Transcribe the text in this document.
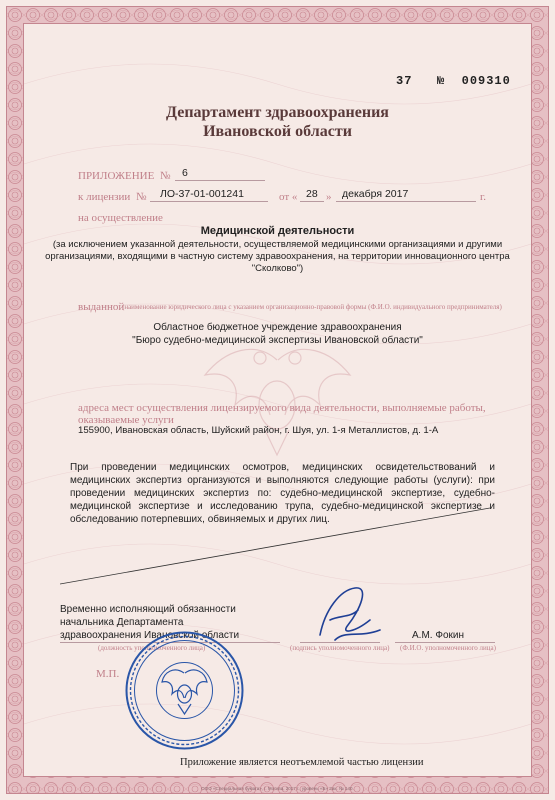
37 № 009310
Департамент здравоохранения
Ивановской области
ПРИЛОЖЕНИЕ № 6
к лицензии № ЛО-37-01-001241	от « 28 » декабря 2017	г.
на осуществление
Медицинской деятельности
(за исключением указанной деятельности, осуществляемой медицинскими организациями и другими организациями, входящими в частную систему здравоохранения, на территории инновационного центра "Сколково")
выданной
(наименование юридического лица с указанием организационно-правовой формы (Ф.И.О. индивидуального предпринимателя)
Областное бюджетное учреждение здравоохранения
"Бюро судебно-медицинской экспертизы Ивановской области"
адреса мест осуществления лицензируемого вида деятельности, выполняемые работы, оказываемые услуги
155900, Ивановская область, Шуйский район, г. Шуя, ул. 1-я Металлистов, д. 1-А
При проведении медицинских осмотров, медицинских освидетельствований и медицинских экспертиз организуются и выполняются следующие работы (услуги): при проведении медицинских экспертиз по: судебно-медицинской экспертизе, судебно-медицинской экспертизе и исследованию трупа, судебно-медицинской экспертизе и обследованию потерпевших, обвиняемых и других лиц.
Временно исполняющий обязанности
начальника Департамента
здравоохранения Ивановской области	А.М. Фокин
(должность уполномоченного лица)	(подпись уполномоченного лица) (Ф.И.О. уполномоченного лица)
М.П.
Приложение является неотъемлемой частью лицензии
ООО «Специальная бумага», г. Москва, 2017 г., уровень «Б» Зак. № 140.
